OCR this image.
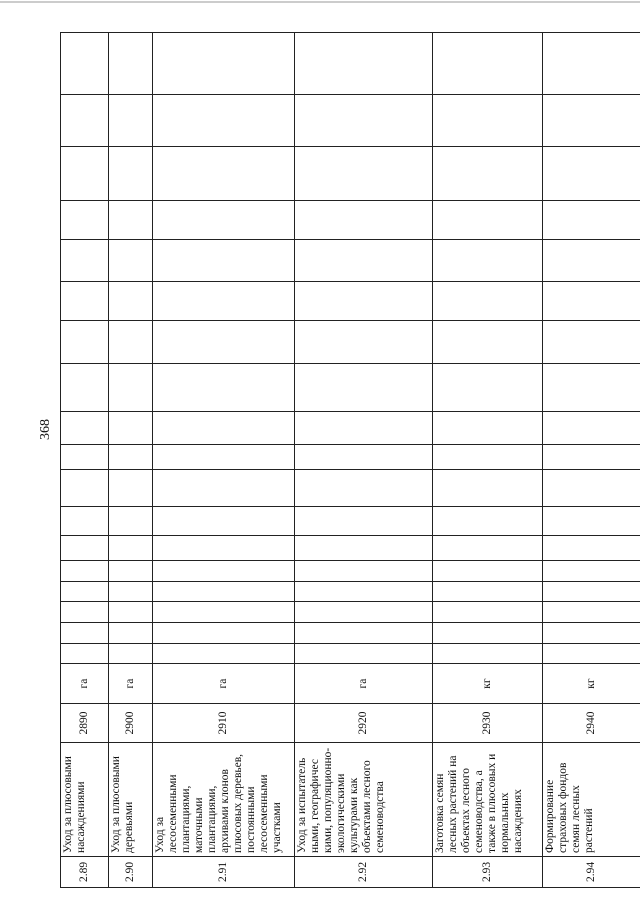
368
2.89	Уход за плюсовыми насаждениями	2890	га																		
2.90	Уход за плюсовыми деревьями	2900	га																		
2.91	Уход за лесосеменными плантациями, маточными плантациями, архивами клонов плюсовых деревьев, постоянными лесосеменными участками	2910	га																		
2.92	Уход за испытатель ными, географичес кими, популяционно-экологическими культурами как объектами лесного семеноводства	2920	га																		
2.93	Заготовка семян лесных растений на объектах лесного семеноводства, а также в плюсовых и нормальных насаждениях	2930	кг																		
2.94	Формирование страховых фондов семян лесных растений	2940	кг																		
